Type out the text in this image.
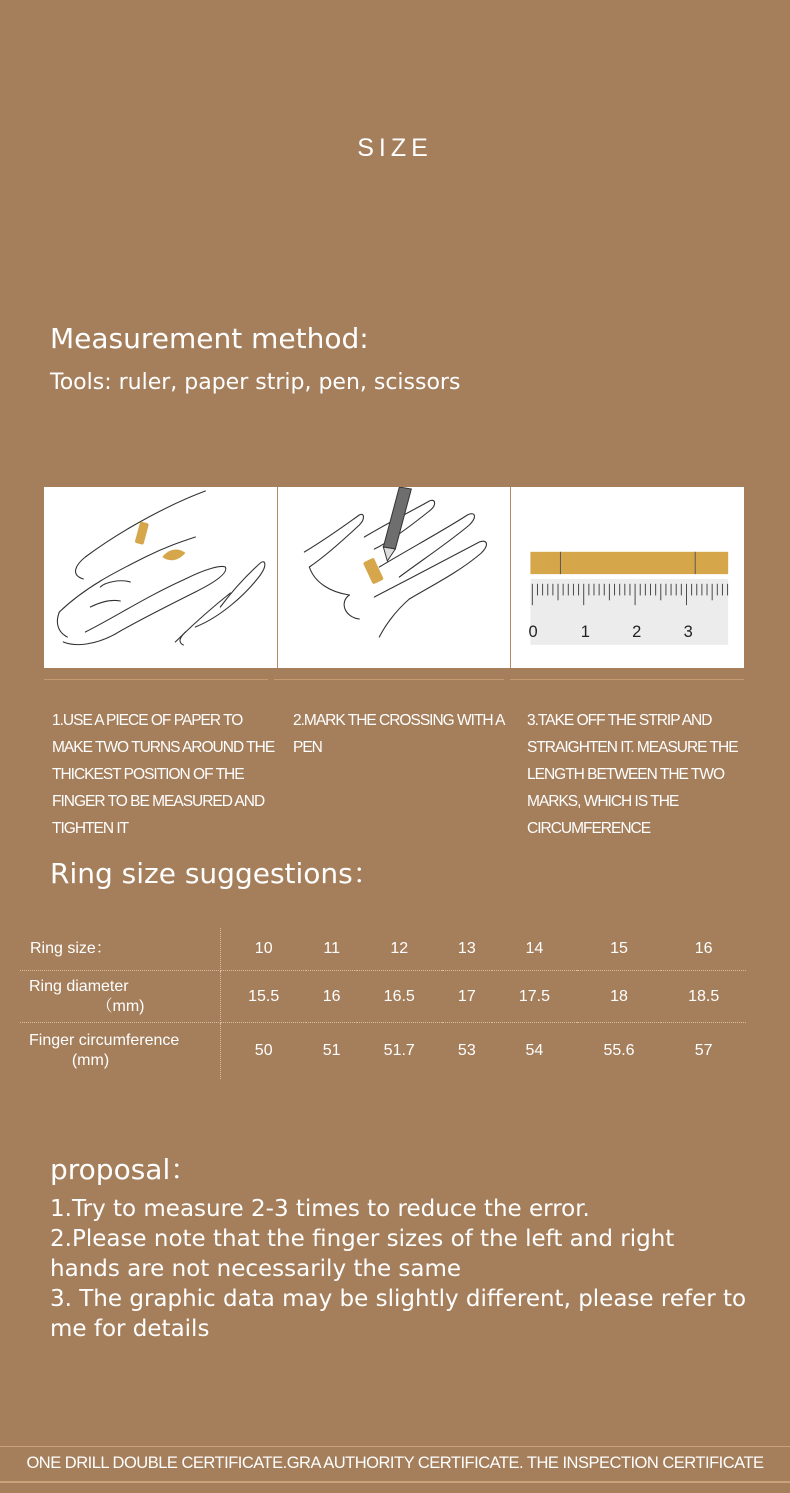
SIZE
Measurement method:
Tools: ruler, paper strip, pen, scissors
0	1 2 3
1.USE A PIECE OF PAPER TO MAKE TWO TURNS AROUND THE THICKEST POSITION OF THE FINGER TO BE MEASURED AND TIGHTEN IT
2.MARK THE CROSSING WITH A PEN
3.TAKE OFF THE STRIP AND STRAIGHTEN IT. MEASURE THE LENGTH BETWEEN THE TWO MARKS, WHICH IS THE CIRCUMFERENCE
Ring size suggestions：
Ring size：	10	11	12	13	14	15	16

Ring diameter
（mm)	15.5	16	16.5	17	17.5	18	18.5

Finger circumference
(mm)	50	51	51.7	53	54	55.6	57
proposal：
1.Try to measure 2-3 times to reduce the error.
2.Please note that the finger sizes of the left and right hands are not necessarily the same
3. The graphic data may be slightly different, please refer to me for details
ONE DRILL DOUBLE CERTIFICATE.GRA AUTHORITY CERTIFICATE. THE INSPECTION CERTIFICATE
